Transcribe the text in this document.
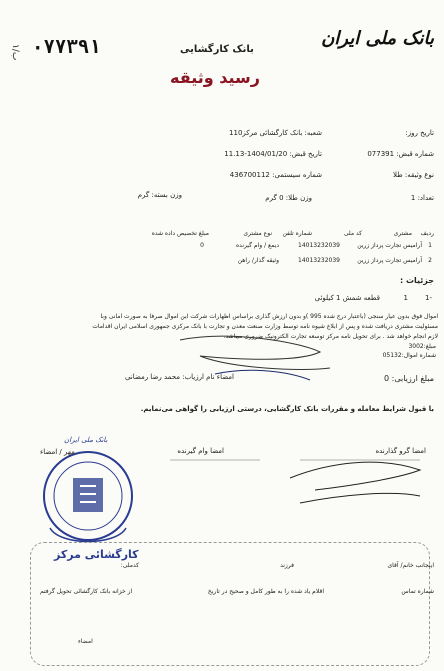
٠٧٧٣٩١
ب/۱	بانک کارگشایی
رسید وثیقه
بانک ملی ایران
تاریخ روز:
شعبه: بانک کارگشائی مرکز110
شماره قبض: 077391
تاریخ قبض: 1404/01/20-11.13
نوع وثیقه: طلا
شماره سیستمی: 436700112
تعداد: 1
وزن طلا: 0 گرم
وزن بسته: گرم
ردیف
مشتری
کد ملی
شماره تلفن
نوع مشتری
مبلغ تخصیص داده شده
1
آرامیس تجارت پرداز زرین
14013232039
دیمع / وام گیرنده
0
2
آرامیس تجارت پرداز زرین
14013232039
وثیقه گذار/ راهن
جزئیات :
1-
1
قطعه شمش 1 کیلوئی
اموال فوق بدون عیار سنجی (باعتبار درج شده 995 )و بدون ارزش گذاری براساس اظهارات شرکت این اموال صرفا به صورت امانی وبا
مسئولیت مشتری دریافت شده و پس از ابلاغ شیوه نامه توسط وزارت صنعت معدن و تجارت با بانک مرکزی جمهوری اسلامی ایران اقدامات
لازم انجام خواهد شد . برای تحویل نامه مرکز توسعه تجارت الکترونیک ضروری میباشد.
مبلغ:3002
شماره اموال:05132
مبلغ ارزیابی: 0
امضاء نام ارزیاب: محمد رضا رمضانی
با قبول شرایط معامله و مقررات بانک کارگشایی، درستی ارزیابی را گواهی می‌نمایم.
امضا گرو گذارنده
امضا وام گیرنده
مهر / امضاء
بانک ملی ایران
کارگشائی مرکز
اینجانب خانم/ آقای
فرزند
کدملی:
شماره تماس
اقلام یاد شده را به طور کامل و صحیح در تاریخ
از خزانه بانک کارگشائی تحویل گرفتم
امضاء
